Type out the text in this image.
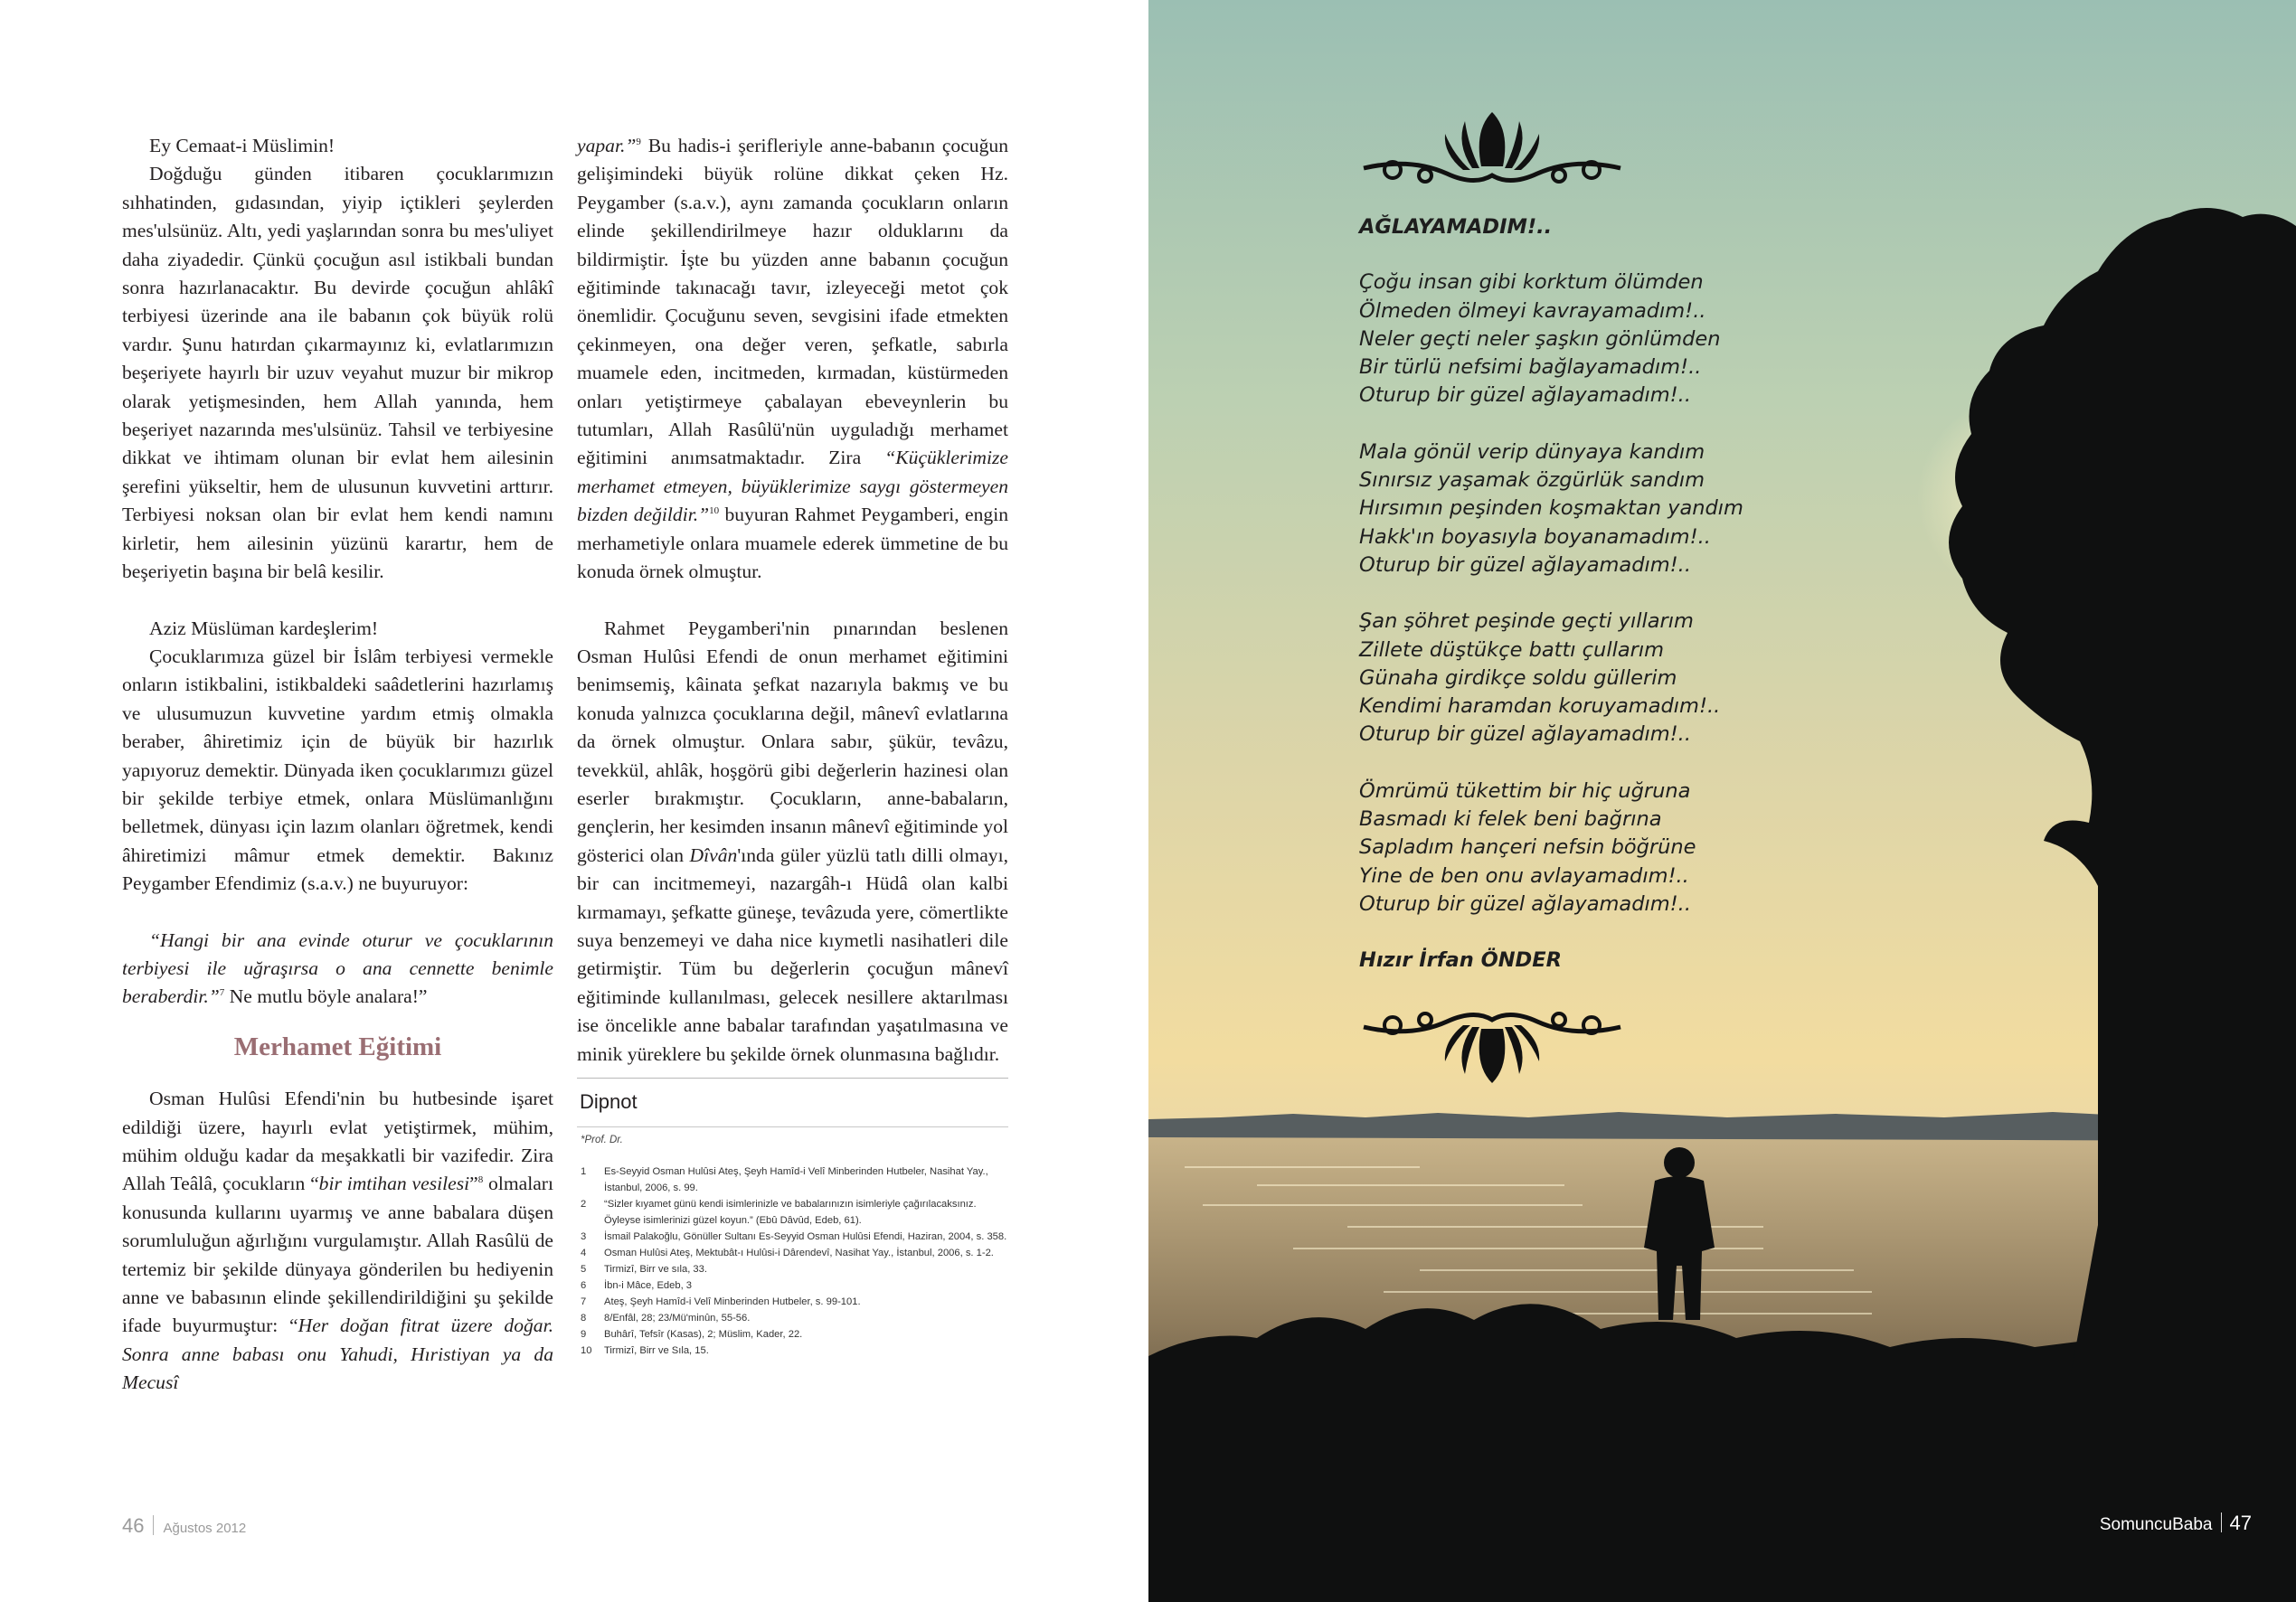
Ey Cemaat-i Müslimin!

Doğduğu günden itibaren çocuklarımızın sıhhatinden, gıdasından, yiyip içtikleri şeylerden mes'ulsünüz. Altı, yedi yaşlarından sonra bu mes'uliyet daha ziyadedir. Çünkü çocuğun asıl istikbali bundan sonra hazırlanacaktır. Bu devirde çocuğun ahlâkî terbiyesi üzerinde ana ile babanın çok büyük rolü vardır. Şunu hatırdan çıkarmayınız ki, evlatlarımızın beşeriyete hayırlı bir uzuv veyahut muzur bir mikrop olarak yetişmesinden, hem Allah yanında, hem beşeriyet nazarında mes'ulsünüz. Tahsil ve terbiyesine dikkat ve ihtimam olunan bir evlat hem ailesinin şerefini yükseltir, hem de ulusunun kuvvetini arttırır. Terbiyesi noksan olan bir evlat hem kendi namını kirletir, hem ailesinin yüzünü karartır, hem de beşeriyetin başına bir belâ kesilir.

Aziz Müslüman kardeşlerim!

Çocuklarımıza güzel bir İslâm terbiyesi vermekle onların istikbalini, istikbaldeki saâdetlerini hazırlamış ve ulusumuzun kuvvetine yardım etmiş olmakla beraber, âhiretimiz için de büyük bir hazırlık yapıyoruz demektir. Dünyada iken çocuklarımızı güzel bir şekilde terbiye etmek, onlara Müslümanlığını belletmek, dünyası için lazım olanları öğretmek, kendi âhiretimizi mâmur etmek demektir. Bakınız Peygamber Efendimiz (s.a.v.) ne buyuruyor:

“Hangi bir ana evinde oturur ve çocuklarının terbiyesi ile uğraşırsa o ana cennette benimle beraberdir.”$^7$ Ne mutlu böyle analara!”

Merhamet Eğitimi

Osman Hulûsi Efendi'nin bu hutbesinde işaret edildiği üzere, hayırlı evlat yetiştirmek, mühim, mühim olduğu kadar da meşakkatli bir vazifedir. Zira Allah Teâlâ, çocukların “bir imtihan vesilesi”$^8$ olmaları konusunda kullarını uyarmış ve anne babalara düşen sorumluluğun ağırlığını vurgulamıştır. Allah Rasûlü de tertemiz bir şekilde dünyaya gönderilen bu hediyenin anne ve babasının elinde şekillendirildiğini şu şekilde ifade buyurmuştur: “Her doğan fitrat üzere doğar. Sonra anne babası onu Yahudi, Hıristiyan ya da Mecusî

yapar.”$^9$ Bu hadis-i şerifleriyle anne-babanın çocuğun gelişimindeki büyük rolüne dikkat çeken Hz. Peygamber (s.a.v.), aynı zamanda çocukların onların elinde şekillendirilmeye hazır olduklarını da bildirmiştir. İşte bu yüzden anne babanın çocuğun eğitiminde takınacağı tavır, izleyeceği metot çok önemlidir. Çocuğunu seven, sevgisini ifade etmekten çekinmeyen, ona değer veren, şefkatle, sabırla muamele eden, incitmeden, kırmadan, küstürmeden onları yetiştirmeye çabalayan ebeveynlerin bu tutumları, Allah Rasûlü'nün uyguladığı merhamet eğitimini anımsatmaktadır. Zira “Küçüklerimize merhamet etmeyen, büyüklerimize saygı göstermeyen bizden değildir.”$^{10}$ buyuran Rahmet Peygamberi, engin merhametiyle onlara muamele ederek ümmetine de bu konuda örnek olmuştur.

Rahmet Peygamberi'nin pınarından beslenen Osman Hulûsi Efendi de onun merhamet eğitimini benimsemiş, kâinata şefkat nazarıyla bakmış ve bu konuda yalnızca çocuklarına değil, mânevî evlatlarına da örnek olmuştur. Onlara sabır, şükür, tevâzu, tevekkül, ahlâk, hoşgörü gibi değerlerin hazinesi olan eserler bırakmıştır. Çocukların, anne-babaların, gençlerin, her kesimden insanın mânevî eğitiminde yol gösterici olan Dîvân'ında güler yüzlü tatlı dilli olmayı, bir can incitmemeyi, nazargâh-ı Hüdâ olan kalbi kırmamayı, şefkatte güneşe, tevâzuda yere, cömertlikte suya benzemeyi ve daha nice kıymetli nasihatleri dile getirmiştir. Tüm bu değerlerin çocuğun mânevî eğitiminde kullanılması, gelecek nesillere aktarılması ise öncelikle anne babalar tarafından yaşatılmasına ve minik yüreklere bu şekilde örnek olunmasına bağlıdır.

Dipnot
*Prof. Dr.
1 Es-Seyyid Osman Hulûsi Ateş, Şeyh Hamîd-i Velî Minberinden Hutbeler, Nasihat Yay., İstanbul, 2006, s. 99.
2 “Sizler kıyamet günü kendi isimlerinizle ve babalarınızın isimleriyle çağırılacaksınız. Öyleyse isimlerinizi güzel koyun.” (Ebû Dâvûd, Edeb, 61).
3 İsmail Palakoğlu, Gönüller Sultanı Es-Seyyid Osman Hulûsi Efendi, Haziran, 2004, s. 358.
4 Osman Hulûsi Ateş, Mektubât-ı Hulûsi-i Dârendevî, Nasihat Yay., İstanbul, 2006, s. 1-2.
5 Tirmizî, Birr ve sıla, 33.
6 İbn-i Mâce, Edeb, 3
7 Ateş, Şeyh Hamîd-i Velî Minberinden Hutbeler, s. 99-101.
8 8/Enfâl, 28; 23/Mü'minûn, 55-56.
9 Buhârî, Tefsîr (Kasas), 2; Müslim, Kader, 22.
10 Tirmizî, Birr ve Sıla, 15.
46 Ağustos 2012
AĞLAYAMADIM!..
Çoğu insan gibi korktum ölümden
Ölmeden ölmeyi kavrayamadım!..
Neler geçti neler şaşkın gönlümden
Bir türlü nefsimi bağlayamadım!..
Oturup bir güzel ağlayamadım!..
Mala gönül verip dünyaya kandım
Sınırsız yaşamak özgürlük sandım
Hırsımın peşinden koşmaktan yandım
Hakk'ın boyasıyla boyanamadım!..
Oturup bir güzel ağlayamadım!..
Şan şöhret peşinde geçti yıllarım
Zillete düştükçe battı çullarım
Günaha girdikçe soldu güllerim
Kendimi haramdan koruyamadım!..
Oturup bir güzel ağlayamadım!..
Ömrümü tükettim bir hiç uğruna
Basmadı ki felek beni bağrına
Sapladım hançeri nefsin böğrüne
Yine de ben onu avlayamadım!..
Oturup bir güzel ağlayamadım!..
Hızır İrfan ÖNDER
SomuncuBaba 47
